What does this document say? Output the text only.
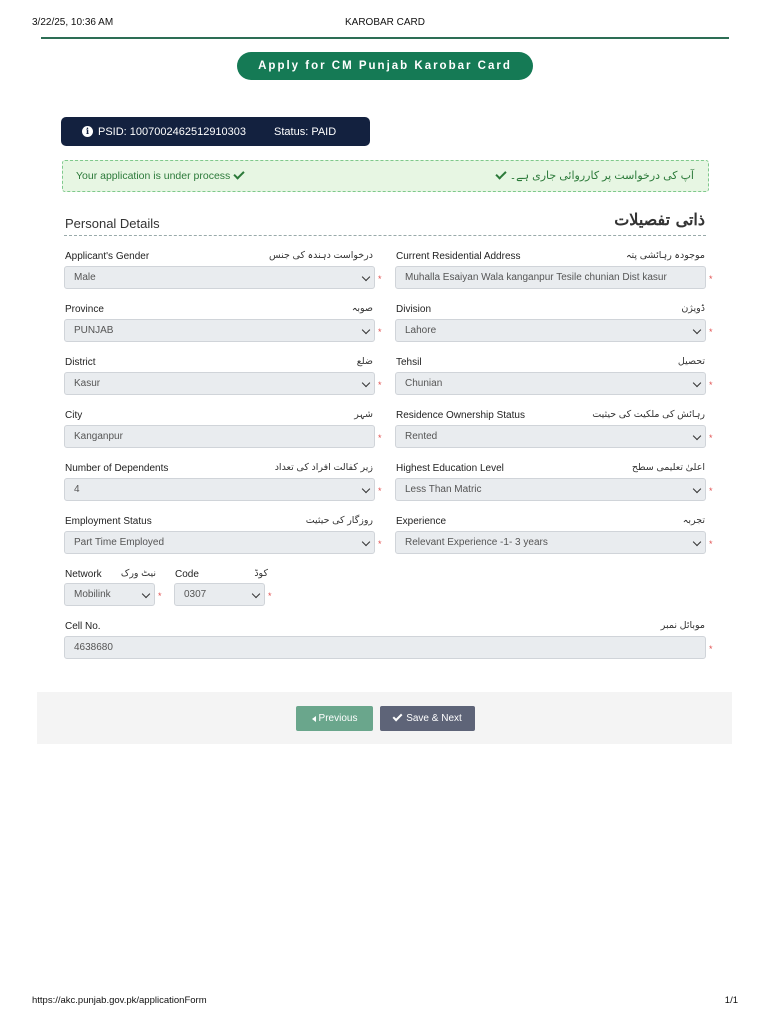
3/22/25, 10:36 AM	KAROBAR CARD
Apply for CM Punjab Karobar Card
i PSID: 1007002462512910303	Status: PAID
Your application is under process	آپ کی درخواست پر کارروائی جاری ہے۔
Personal Details	ذاتی تفصیلات
Applicant's Gender	درخواست دہندہ کی جنس
Male	*
Current Residential Address	موجودہ رہائشی پتہ
Muhalla Esaiyan Wala kanganpur Tesile chunian Dist kasur	*
Province	صوبہ
PUNJAB	*
Division	ڈویژن
Lahore	*
District	ضلع
Kasur	*
Tehsil	تحصیل
Chunian	*
City	شہر
Kanganpur	*
Residence Ownership Status	رہائش کی ملکیت کی حیثیت
Rented	*
Number of Dependents	زیر کفالت افراد کی تعداد
4	*
Highest Education Level	اعلیٰ تعلیمی سطح
Less Than Matric	*
Employment Status	روزگار کی حیثیت
Part Time Employed	*
Experience	تجربہ
Relevant Experience -1- 3 years	*
Network	نیٹ ورک
Mobilink	*
Code	کوڈ
0307	*
Cell No.	موبائل نمبر
4638680	*
Previous	Save & Next
https://akc.punjab.gov.pk/applicationForm	1/1
